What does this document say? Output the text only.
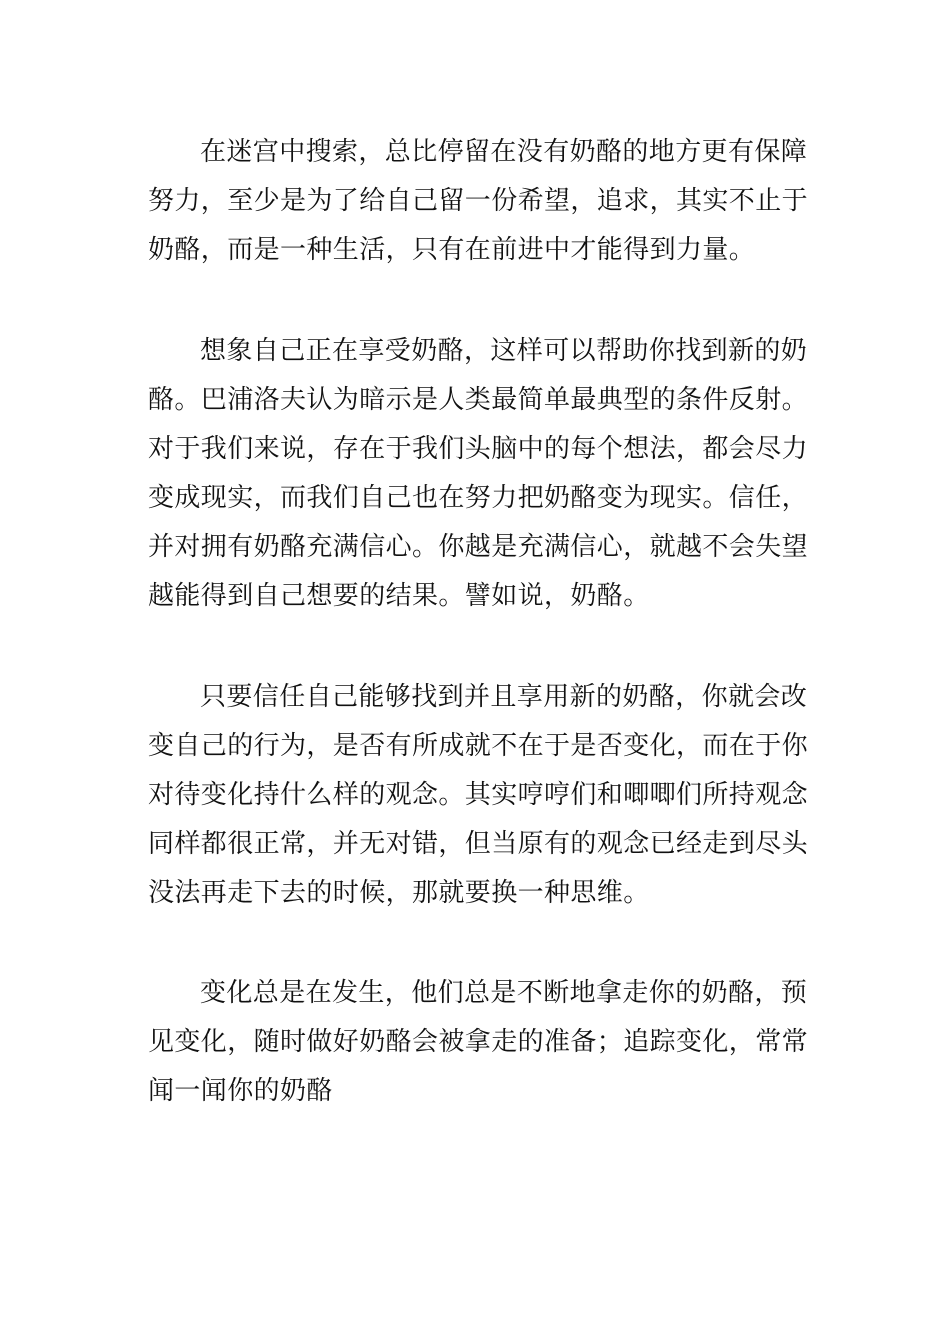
在迷宫中搜索，总比停留在没有奶酪的地方更有保障
努力，至少是为了给自己留一份希望，追求，其实不止于
奶酪，而是一种生活，只有在前进中才能得到力量。
想象自己正在享受奶酪，这样可以帮助你找到新的奶
酪。巴浦洛夫认为暗示是人类最简单最典型的条件反射。
对于我们来说，存在于我们头脑中的每个想法，都会尽力
变成现实，而我们自己也在努力把奶酪变为现实。信任，
并对拥有奶酪充满信心。你越是充满信心，就越不会失望
越能得到自己想要的结果。譬如说，奶酪。
只要信任自己能够找到并且享用新的奶酪，你就会改
变自己的行为，是否有所成就不在于是否变化，而在于你
对待变化持什么样的观念。其实哼哼们和唧唧们所持观念
同样都很正常，并无对错，但当原有的观念已经走到尽头
没法再走下去的时候，那就要换一种思维。
变化总是在发生，他们总是不断地拿走你的奶酪，预
见变化，随时做好奶酪会被拿走的准备；追踪变化，常常
闻一闻你的奶酪
